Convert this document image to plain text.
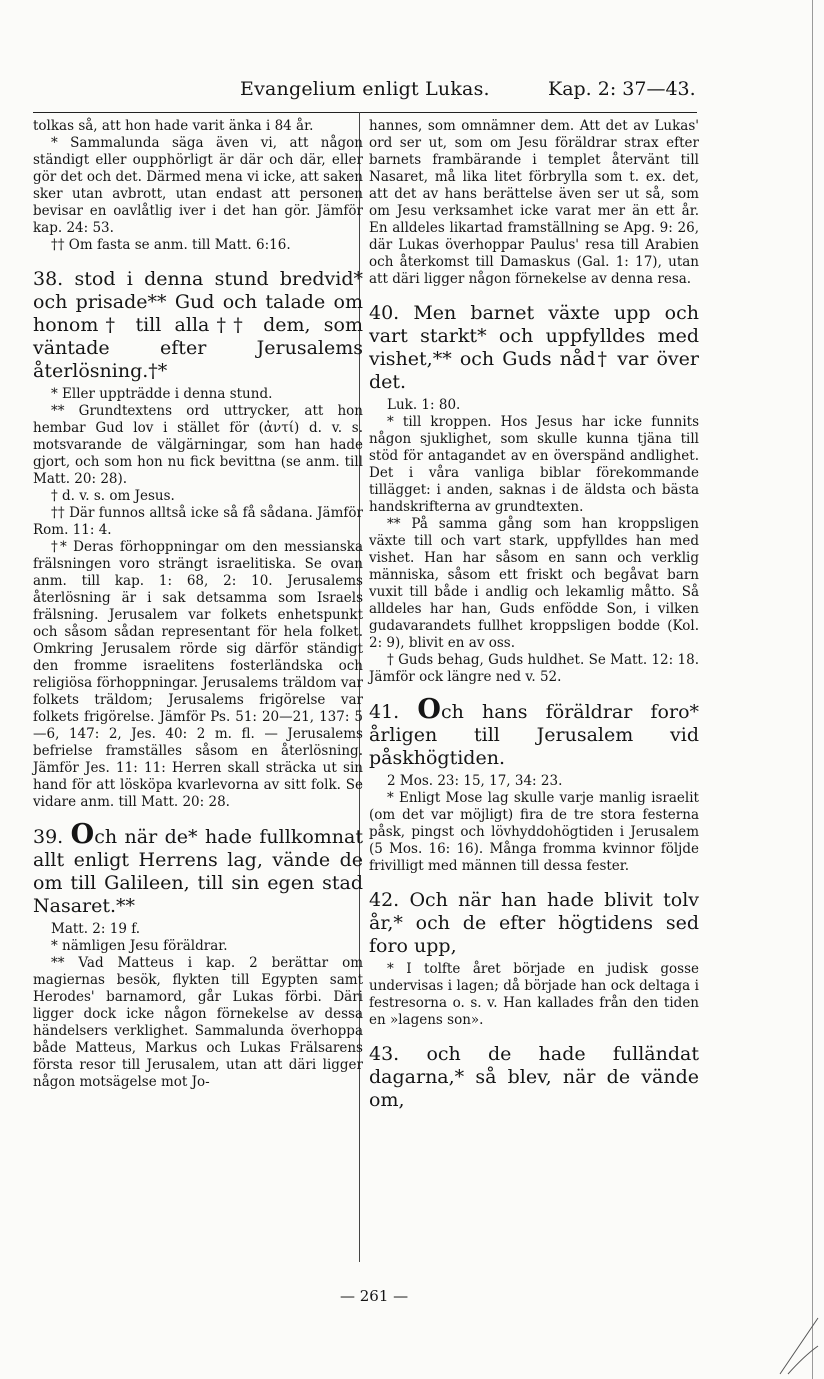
Evangelium enligt Lukas.	Kap. 2: 37—43.

tolkas så, att hon hade varit änka i 84 år.

* Sammalunda säga även vi, att någon ständigt eller oupphörligt är där och där, eller gör det och det. Därmed mena vi icke, att saken sker utan avbrott, utan endast att personen bevisar en oavlåtlig iver i det han gör. Jämför kap. 24: 53.

†† Om fasta se anm. till Matt. 6:16.

38. stod i denna stund bredvid* och prisade** Gud och talade om honom† till alla†† dem, som väntade efter Jerusalems återlösning.†*

* Eller uppträdde i denna stund.

** Grundtextens ord uttrycker, att hon hembar Gud lov i stället för (ἀντί) d. v. s. motsvarande de välgärningar, som han hade gjort, och som hon nu fick bevittna (se anm. till Matt. 20: 28).

† d. v. s. om Jesus.

†† Där funnos alltså icke så få sådana. Jämför Rom. 11: 4.

†* Deras förhoppningar om den messianska frälsningen voro strängt israelitiska. Se ovan anm. till kap. 1: 68, 2: 10. Jerusalems återlösning är i sak detsamma som Israels frälsning. Jerusalem var folkets enhetspunkt och såsom sådan representant för hela folket. Omkring Jerusalem rörde sig därför ständigt den fromme israelitens fosterländska och religiösa förhoppningar. Jerusalems träldom var folkets träldom; Jerusalems frigörelse var folkets frigörelse. Jämför Ps. 51: 20—21, 137: 5—6, 147: 2, Jes. 40: 2 m. fl. — Jerusalems befrielse framställes såsom en återlösning. Jämför Jes. 11: 11: Herren skall sträcka ut sin hand för att lösköpa kvarlevorna av sitt folk. Se vidare anm. till Matt. 20: 28.

39. Och när de* hade fullkomnat allt enligt Herrens lag, vände de om till Galileen, till sin egen stad Nasaret.**

Matt. 2: 19 f.

* nämligen Jesu föräldrar.

** Vad Matteus i kap. 2 berättar om magiernas besök, flykten till Egypten samt Herodes' barnamord, går Lukas förbi. Däri ligger dock icke någon förnekelse av dessa händelsers verklighet. Sammalunda överhoppa både Matteus, Markus och Lukas Frälsarens första resor till Jerusalem, utan att däri ligger någon motsägelse mot Jo-

hannes, som omnämner dem. Att det av Lukas' ord ser ut, som om Jesu föräldrar strax efter barnets frambärande i templet återvänt till Nasaret, må lika litet förbrylla som t. ex. det, att det av hans berättelse även ser ut så, som om Jesu verksamhet icke varat mer än ett år. En alldeles likartad framställning se Apg. 9: 26, där Lukas överhoppar Paulus' resa till Arabien och återkomst till Damaskus (Gal. 1: 17), utan att däri ligger någon förnekelse av denna resa.

40. Men barnet växte upp och vart starkt* och uppfylldes med vishet,** och Guds nåd† var över det.

Luk. 1: 80.

* till kroppen. Hos Jesus har icke funnits någon sjuklighet, som skulle kunna tjäna till stöd för antagandet av en överspänd andlighet. Det i våra vanliga biblar förekommande tillägget: i anden, saknas i de äldsta och bästa handskrifterna av grundtexten.

** På samma gång som han kroppsligen växte till och vart stark, uppfylldes han med vishet. Han har såsom en sann och verklig människa, såsom ett friskt och begåvat barn vuxit till både i andlig och lekamlig måtto. Så alldeles har han, Guds enfödde Son, i vilken gudavarandets fullhet kroppsligen bodde (Kol. 2: 9), blivit en av oss.

† Guds behag, Guds huldhet. Se Matt. 12: 18. Jämför ock längre ned v. 52.

41. Och hans föräldrar foro* årligen till Jerusalem vid påskhögtiden.

2 Mos. 23: 15, 17, 34: 23.

* Enligt Mose lag skulle varje manlig israelit (om det var möjligt) fira de tre stora festerna påsk, pingst och lövhyddohögtiden i Jerusalem (5 Mos. 16: 16). Många fromma kvinnor följde frivilligt med männen till dessa fester.

42. Och när han hade blivit tolv år,* och de efter högtidens sed foro upp,

* I tolfte året började en judisk gosse undervisas i lagen; då började han ock deltaga i festresorna o. s. v. Han kallades från den tiden en »lagens son».

43. och de hade fulländat dagarna,* så blev, när de vände om,

— 261 —
